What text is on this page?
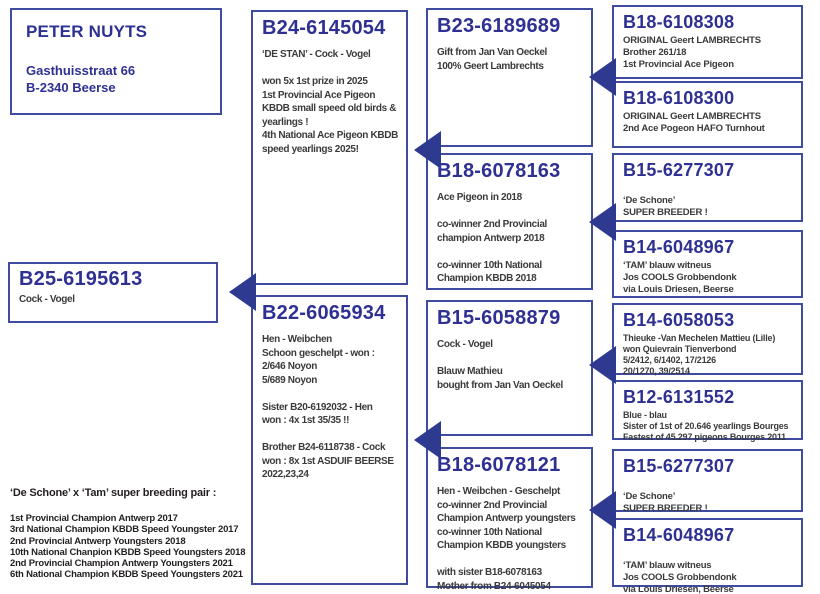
PETER NUYTS
Gasthuisstraat 66
B-2340 Beerse
B25-6195613
Cock - Vogel
‘De Schone’ x ‘Tam’ super breeding pair :
1st Provincial Champion Antwerp 2017
3rd National Champion KBDB Speed Youngster 2017
2nd Provincial Antwerp Youngsters 2018
10th National Chanpion KBDB Speed Youngsters 2018
2nd Provincial Champion Antwerp Youngsters 2021
6th National Champion KBDB Speed Youngsters 2021
B24-6145054
‘DE STAN’ - Cock - Vogel
won 5x 1st prize in 2025
1st Provincial Ace Pigeon
KBDB small speed old birds &
yearlings !
4th National Ace Pigeon KBDB
speed yearlings 2025!
B22-6065934
Hen - Weibchen
Schoon geschelpt - won :
2/646 Noyon
5/689 Noyon
Sister B20-6192032 - Hen
won : 4x 1st 35/35 !!
Brother B24-6118738 - Cock
won : 8x 1st ASDUIF BEERSE
2022,23,24
B23-6189689
Gift from Jan Van Oeckel
100% Geert Lambrechts
B18-6078163
Ace Pigeon in 2018
co-winner 2nd Provincial
champion Antwerp 2018
co-winner 10th National
Champion KBDB 2018
B15-6058879
Cock - Vogel
Blauw Mathieu
bought from Jan Van Oeckel
B18-6078121
Hen - Weibchen - Geschelpt
co-winner 2nd Provincial
Champion Antwerp youngsters
co-winner 10th National
Champion KBDB youngsters
with sister B18-6078163
Mother from B24-6045054
B18-6108308
ORIGINAL Geert LAMBRECHTS
Brother 261/18
1st Provincial Ace Pigeon
B18-6108300
ORIGINAL Geert LAMBRECHTS
2nd Ace Pogeon HAFO Turnhout
B15-6277307
‘De Schone’
SUPER BREEDER !
B14-6048967
‘TAM’ blauw witneus
Jos COOLS Grobbendonk
via Louis Driesen, Beerse
B14-6058053
Thieuke -Van Mechelen Mattieu (Lille)
won Quievrain Tienverbond
5/2412, 6/1402, 17/2126
20/1270, 39/2514
B12-6131552
Blue - blau
Sister of 1st of 20.646 yearlings Bourges
Fastest of 45.297 pigeons Bourges 2011
B15-6277307
‘De Schone’
SUPER BREEDER !
B14-6048967
‘TAM’ blauw witneus
Jos COOLS Grobbendonk
via Louis Driesen, Beerse
